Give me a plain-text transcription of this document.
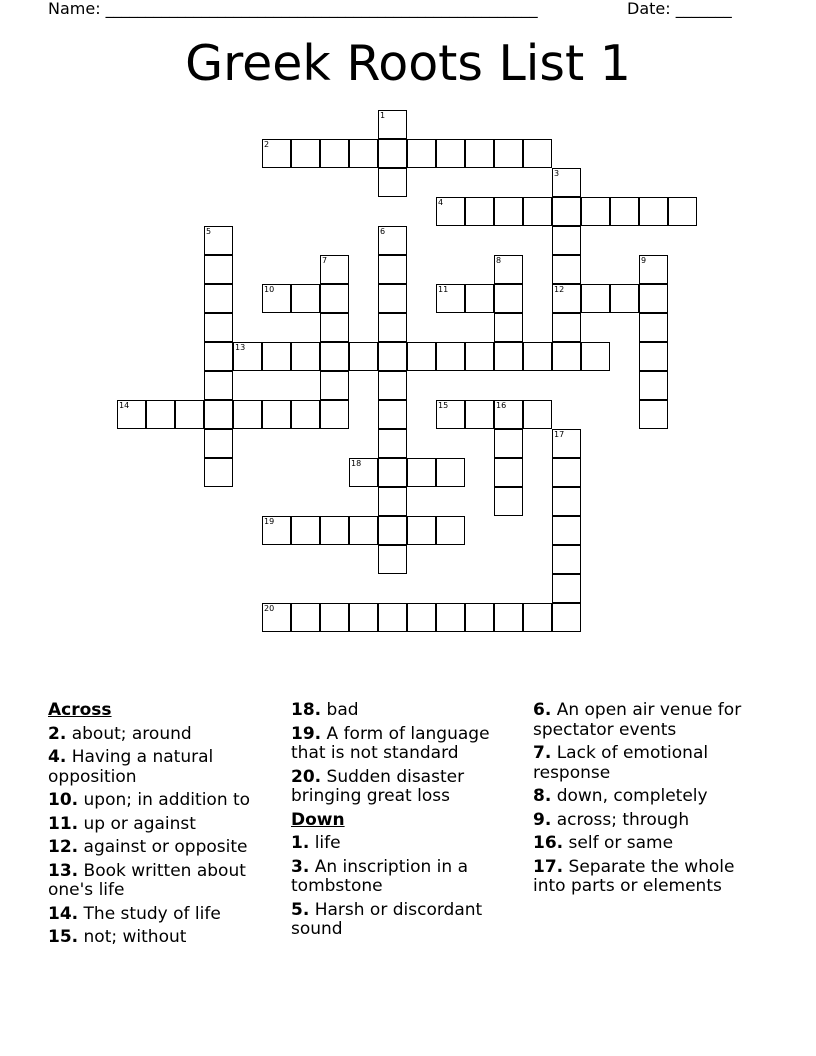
Name: ______________________________________________________	Date: _______
Greek Roots List 1
1
2
3
4
5	6
7	8	9
10	11	12
13
14	15	16
17
18
19
20
Across
2. about; around
4. Having a natural opposition
10. upon; in addition to
11. up or against
12. against or opposite
13. Book written about one's life
14. The study of life
15. not; without
18. bad
19. A form of language that is not standard
20. Sudden disaster bringing great loss
Down
1. life
3. An inscription in a tombstone
5. Harsh or discordant sound
6. An open air venue for spectator events
7. Lack of emotional response
8. down, completely
9. across; through
16. self or same
17. Separate the whole into parts or elements
